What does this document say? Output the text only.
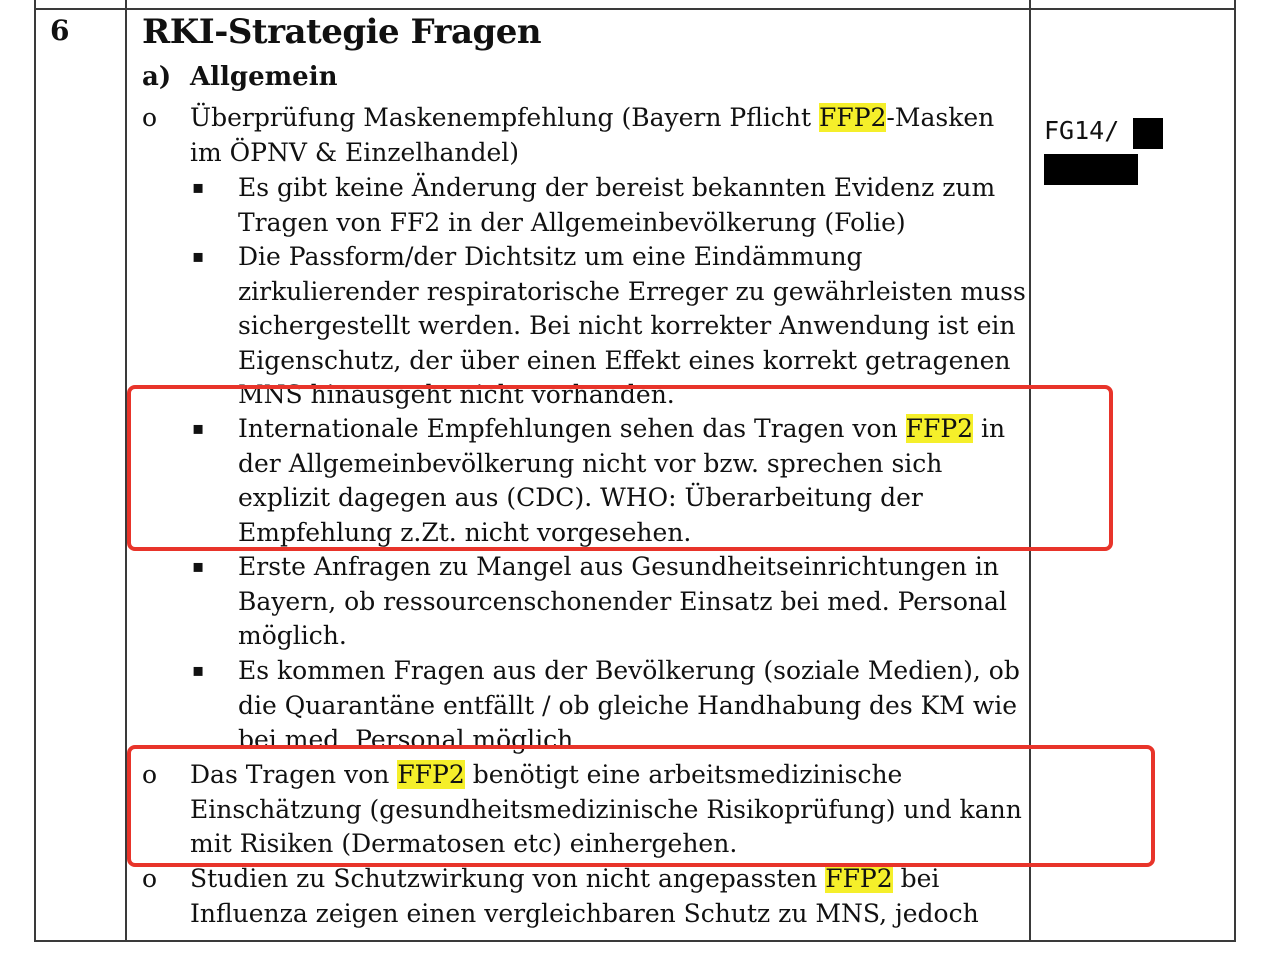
6 RKI-Strategie Fragen
a) Allgemein
o Überprüfung Maskenempfehlung (Bayern Pflicht FFP2-Masken
im ÖPNV & Einzelhandel)
▪ Es gibt keine Änderung der bereist bekannten Evidenz zum
Tragen von FF2 in der Allgemeinbevölkerung (Folie)
▪ Die Passform/der Dichtsitz um eine Eindämmung
zirkulierender respiratorische Erreger zu gewährleisten muss
sichergestellt werden. Bei nicht korrekter Anwendung ist ein
Eigenschutz, der über einen Effekt eines korrekt getragenen
MNS hinausgeht nicht vorhanden.
▪ Internationale Empfehlungen sehen das Tragen von FFP2 in
der Allgemeinbevölkerung nicht vor bzw. sprechen sich
explizit dagegen aus (CDC). WHO: Überarbeitung der
Empfehlung z.Zt. nicht vorgesehen.
▪ Erste Anfragen zu Mangel aus Gesundheitseinrichtungen in
Bayern, ob ressourcenschonender Einsatz bei med. Personal
möglich.
▪ Es kommen Fragen aus der Bevölkerung (soziale Medien), ob
die Quarantäne entfällt / ob gleiche Handhabung des KM wie
bei med. Personal möglich.
o Das Tragen von FFP2 benötigt eine arbeitsmedizinische
Einschätzung (gesundheitsmedizinische Risikoprüfung) und kann
mit Risiken (Dermatosen etc) einhergehen.
o Studien zu Schutzwirkung von nicht angepassten FFP2 bei
Influenza zeigen einen vergleichbaren Schutz zu MNS, jedoch
FG14/
